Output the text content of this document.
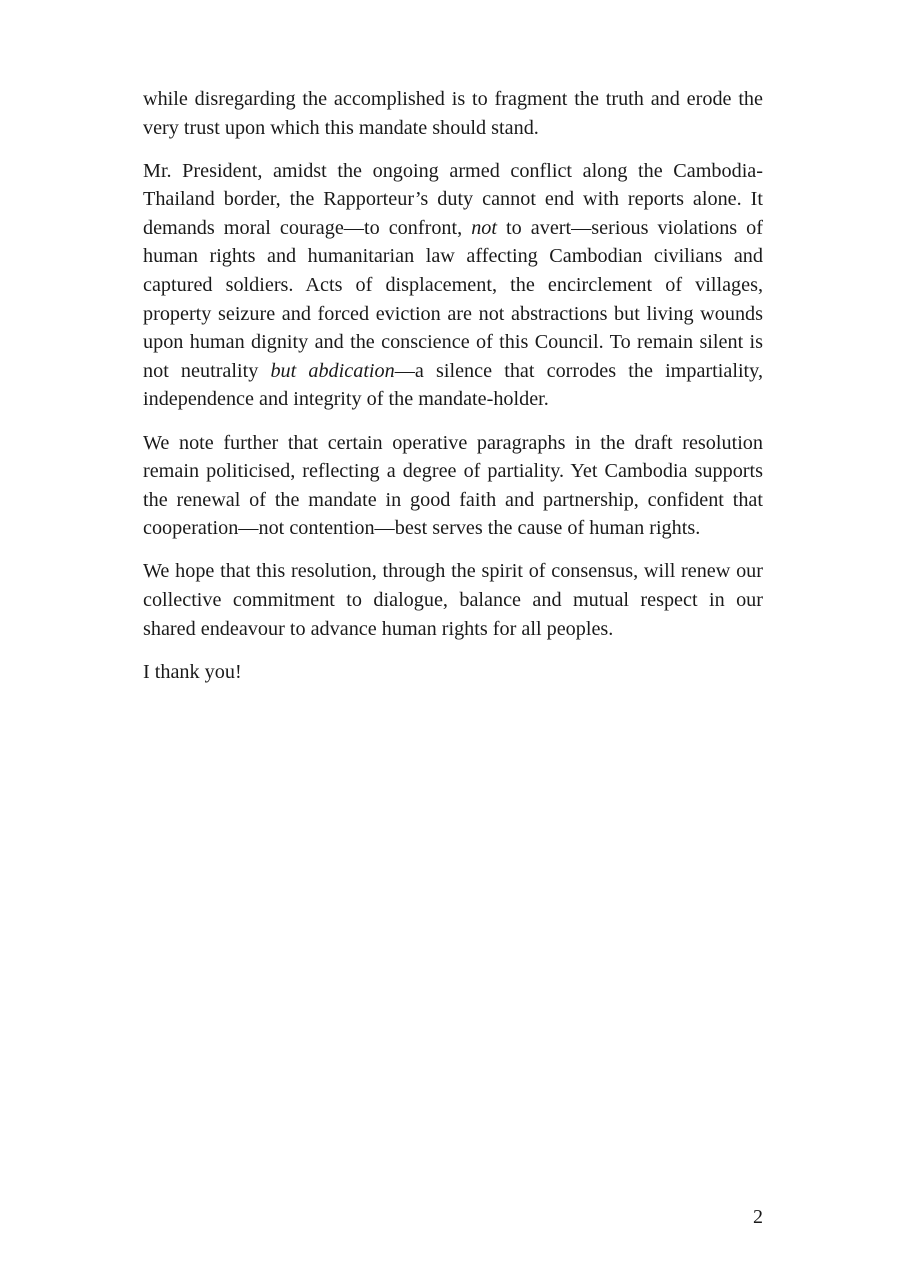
while disregarding the accomplished is to fragment the truth and erode the very trust upon which this mandate should stand.

Mr. President, amidst the ongoing armed conflict along the Cambodia-Thailand border, the Rapporteur’s duty cannot end with reports alone. It demands moral courage—to confront, not to avert—serious violations of human rights and humanitarian law affecting Cambodian civilians and captured soldiers. Acts of displacement, the encirclement of villages, property seizure and forced eviction are not abstractions but living wounds upon human dignity and the conscience of this Council. To remain silent is not neutrality but abdication—a silence that corrodes the impartiality, independence and integrity of the mandate-holder.

We note further that certain operative paragraphs in the draft resolution remain politicised, reflecting a degree of partiality. Yet Cambodia supports the renewal of the mandate in good faith and partnership, confident that cooperation—not contention—best serves the cause of human rights.

We hope that this resolution, through the spirit of consensus, will renew our collective commitment to dialogue, balance and mutual respect in our shared endeavour to advance human rights for all peoples.

I thank you!

2
